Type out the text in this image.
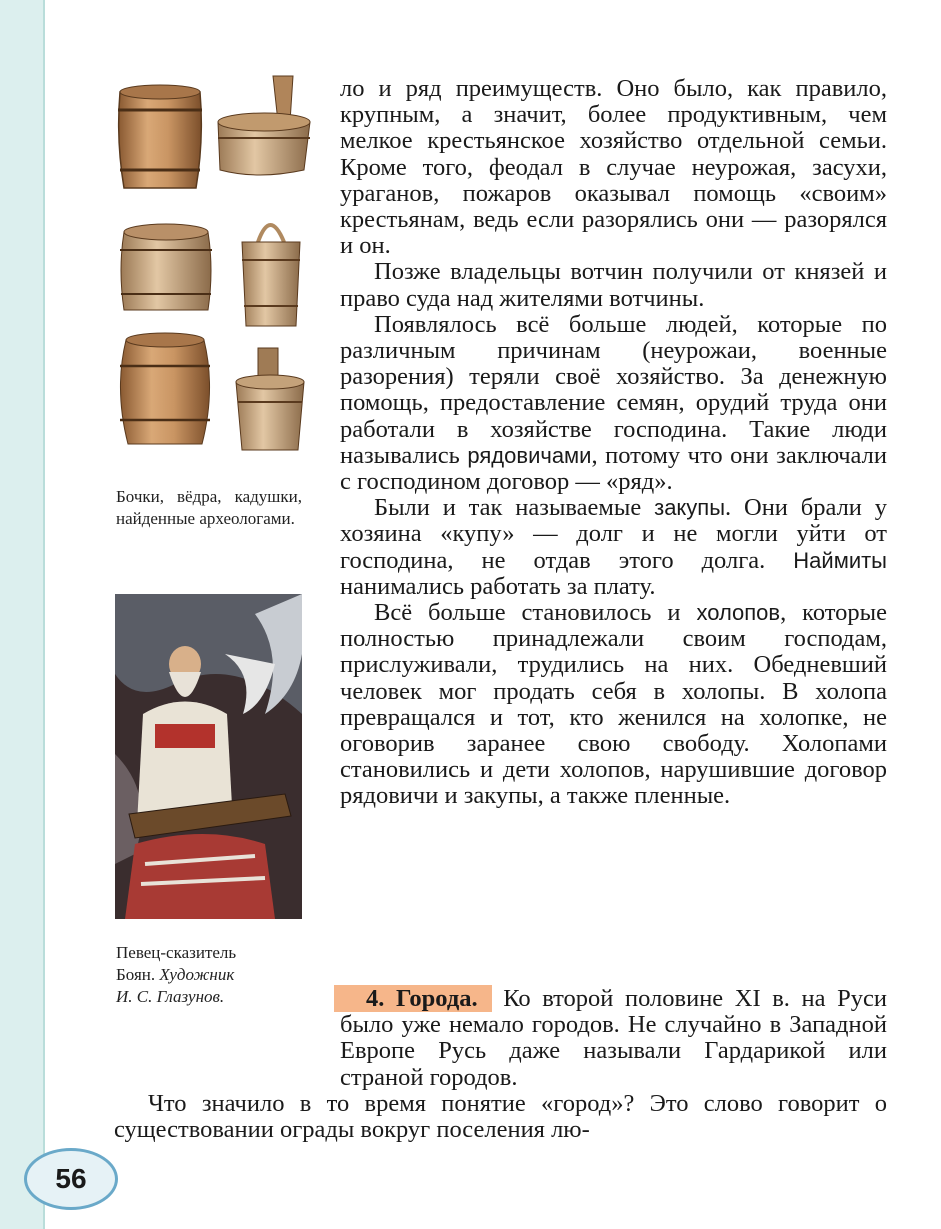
Бочки, вёдра, кадушки, найденные археологами.
Певец-сказитель
Боян. Художник
И. С. Глазунов.

ло и ряд преимуществ. Оно было, как правило, крупным, а значит, более продуктивным, чем мелкое крестьянское хозяйство отдельной семьи. Кроме того, феодал в случае неурожая, засухи, ураганов, пожаров оказывал помощь «своим» крестьянам, ведь если разорялись они — разорялся и он.

Позже владельцы вотчин получили от князей и право суда над жителями вотчины.

Появлялось всё больше людей, которые по различным причинам (неурожаи, военные разорения) теряли своё хозяйство. За денежную помощь, предоставление семян, орудий труда они работали в хозяйстве господина. Такие люди назывались рядовичами, потому что они заключали с господином договор — «ряд».

Были и так называемые закупы. Они брали у хозяина «купу» — долг и не могли уйти от господина, не отдав этого долга. Наймиты нанимались работать за плату.

Всё больше становилось и холопов, которые полностью принадлежали своим господам, прислуживали, трудились на них. Обедневший человек мог продать себя в холопы. В холопа превращался и тот, кто женился на холопке, не оговорив заранее свою свободу. Холопами становились и дети холопов, нарушившие договор рядовичи и закупы, а также пленные.

4. Города. Ко второй половине XI в. на Руси было уже немало городов. Не случайно в Западной Европе Русь даже называли Гардарикой или страной городов.

Что значило в то время понятие «город»? Это слово говорит о существовании ограды вокруг поселения лю-

56
